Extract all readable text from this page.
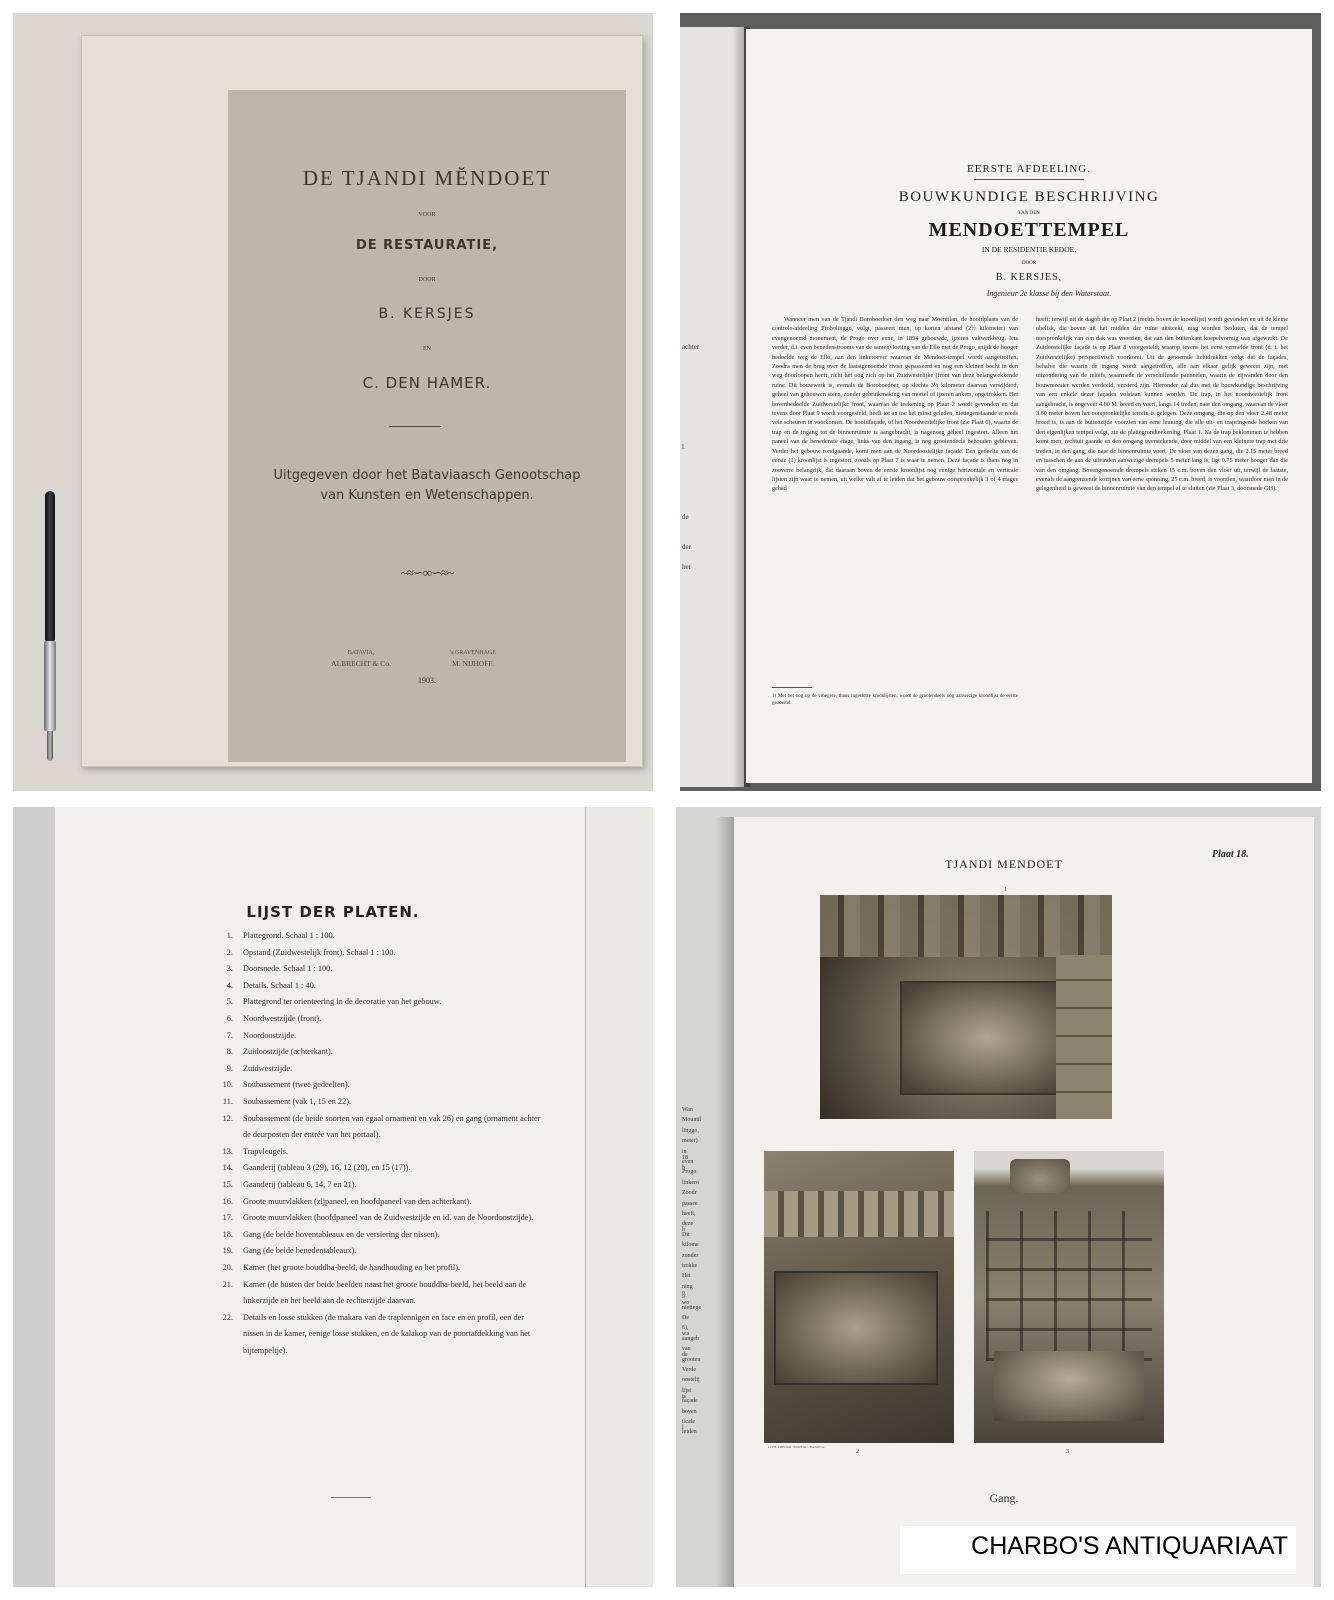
DE TJANDI MĔNDOET
VOOR
DE RESTAURATIE,
DOOR
B. KERSJES
EN
C. DEN HAMER.
Uitgegeven door het Bataviaasch Genootschap
van Kunsten en Wetenschappen.
~≈∽∞∽≈~
BATAVIA,
ALBRECHT & Co.
's GRAVENHAGE
M. NIJHOFF.
1903.
achter
l.
de
der
het
EERSTE AFDEELING.
BOUWKUNDIGE BESCHRIJVING
VAN DEN
MENDOETTEMPEL
IN DE RESIDENTIE KEDOE,
DOOR
B. KERSJES,
Ingenieur 2e klasse bij den Waterstaat.
Wanneer men van de Tjandi Boroboedoer den weg naar Moentilan, de hoofdplaats van de controle-afdeeling Probolinggo, volgt, passeert men, op korten afstand (2½ kilometer) van evengenoemd monument, de Progo over eene, in 1894 gebouwde, ijzeren vakwerkbrug. Iets verder, d.i. even benedenstrooms van de samenvloeiing van de Ello met de Progo, snijdt de hooger bedoelde weg de Ello, aan den linkeroever waarvan de Mendoet-tempel wordt aangetroffen. Zoodra men de brug over de laatstgenoemde rivier gepasseerd en nog een kleinen bocht in den weg doorloopen heeft, richt het oog zich op het Zuidwestelijke (front van deze belangwekkende ruïne. Dit bouwwerk is, evenals de Boroboedoer, op slechts 3½ kilometer daarvan verwijderd, geheel van gehouwen steen, zonder gebruikmaking van mortel of ijzeren ankers, opgetrokken. Het bovenbedoelde Zuidwestelijke front, waarvan de teekening op Plaat 2 wordt gevonden en dat tevens door Plaat 9 wordt voorgesteld, heeft tot an toe het minst geleden, niettegenstaande er reeds vele scheuren in voorkomen. De hoofdfaçade, of het Noordwestelijke front (zie Plaat 6), waarin de trap en de ingang tot de binnenruimte is aangebracht, is nagenoeg geheel ingestort. Alleen het paneel van de benedenste étage, links van den ingang, is nog grootendeels behouden gebleven. Verder het gebouw rondgaande, komt men aan de Noordoostelijke façade. Een gedeelte van de eerste (1) kroonlijst is ingestort, zooals op Plaat 7 is waar te nemen. Deze façade is thans nog in zooverre belangrijk, dat daaraan boven de eerste kroonlijst nog eenige horizontale en verticale lijsten zijn waar te nemen, uit welke valt af te leiden dat het gebouw oorspronkelijk 3 of 4 étages gehad
heeft; terwijl uit de dagob die op Plaat 2 (rechts boven de kroonlijst) wordt gevonden en uit de kleine obelisk, die boven uit het midden der ruïne uitsteekt, mag worden besloten, dat de tempel oorspronkelijk van een dak was voorzien, dat aan den buitenkant koepelvormig was afgewerkt. De Zuidoostelijke façade is op Plaat 8 voorgesteld; waarop tevens het eerst vermelde front (d. i. het Zuidwestelijke) perspectivisch voorkomt. Uit de genoemde lichtdrukken volgt dat de façades, behalve die waarin de ingang wordt aangetroffen, alle aan elkaar gelijk geweest zijn, met uitzondering van de reliefs, waarmede de verschillende panneelen, waarin de zijwanden door den bouwmeester werden verdeeld, versierd zijn. Hieronder zal dus met de bouwkundige beschrijving van een enkele dezer façades volstaan kunnen worden. De trap, in het noordwestelijk front aangebracht, is ongeveer 4.80 M. breed en voert, langs 14 treden, naar den omgang, waarvan de vloer 3.60 meter boven het oorspronkelijke terrein is gelegen. Deze omgang, die op den vloer 2.48 meter breed is, is aan de buitenzijde voorzien van eene leuning, die alle uit- en inspringende hoeken van den eigenlijken tempel volgt, zie de plattegrondteekening, Plaat 1. Na de trap beklommen te hebben komt men, rechtuit gaande en den omgang overstekende, door middel van een kleinere trap met drie treden, in den gang, die naar de binnenruimte voert. De vloer van dezen gang, die 2.15 meter breed en tusschen de aan de uiteinden aanwezige drempels 5 meter lang is, ligt 0.75 meter hooger dan die van den omgang. Bovengenoemde drempels steken 15 c.m. boven den vloer uit, terwijl de laatste, evenals de aangrenzende kozijnen van eene sponning, 25 c.m. breed, is voorzien, waardoor men in de gelegenheid is geweest de binnenruimte van den tempel af te sluiten (zie Plaat 3, doorsnede GH).
1) Met het oog op de vroegere, thans ingestorte kroonlijsten, wordt de grootendeels nog aanwezige kroonlijst de eerste genoemd.
LIJST DER PLATEN.
1. Plattegrond. Schaal 1 : 100.
2. Opstand (Zuidwestelijk front). Schaal 1 : 100.
3. Doorsnede. Schaal 1 : 100.
4. Details. Schaal 1 : 40.
5. Plattegrond ter orienteering in de decoratie van het gebouw.
6. Noordwestzijde (front).
7. Noordoostzijde.
8. Zuidoostzijde (achterkant).
9. Zuidwestzijde.
10. Soubassement (twee gedeelten).
11. Soubassement (vak 1, 15 en 22).
12. Soubassement (de beide soorten van egaal ornament en vak 26) en gang (ornament achter
de deurposten der entrée van het portaal).
13. Trapvleugels.
14. Gaanderij (tableau 3 (29), 16, 12 (20), en 15 (17)).
15. Gaanderij (tableau 6, 14, 7 en 21).
16. Groote muurvlakken (zijpaneel, en hoofdpaneel van den achterkant).
17. Groote muurvlakken (hoofdpaneel van de Zuidwestzijde en id. van de Noordoostzijde).
18. Gang (de beide boventableaux en de versiering der nissen).
19. Gang (de beide benedentableaux).
20. Kamer (het groote bouddha-beeld, de handhouding en het profil).
21. Kamer (de busten der beide beelden naast het groote bouddha-beeld, het beeld aan de
linkerzijde en het beeld aan de rechterzijde daarvan.
22. Details en losse stukken (de makara van de traplennigen en face en en profil, een der
nissen in de kamer, eenige losse stukken, en de kalakop van de poortafdekking van het
bijtempeltje).
Wan
Mountil
linggo,
meter)
in 18
even b
Progo
linkero
Zoodr
passee
heeft,
deze b
Dit
kilome
zonder
trokke
Het
ning o
9 wo
niettege
De
6), wa
aangeb
van de
grooten
Verde
oostelij
lijst is
façade
boven
ticale l
leiden
TJANDI MENDOET
Plaat 18.
1
2
LITH. TOPOGR. BUREAU, BATAVIA.
3
Gang.
CHARBO'S ANTIQUARIAAT
